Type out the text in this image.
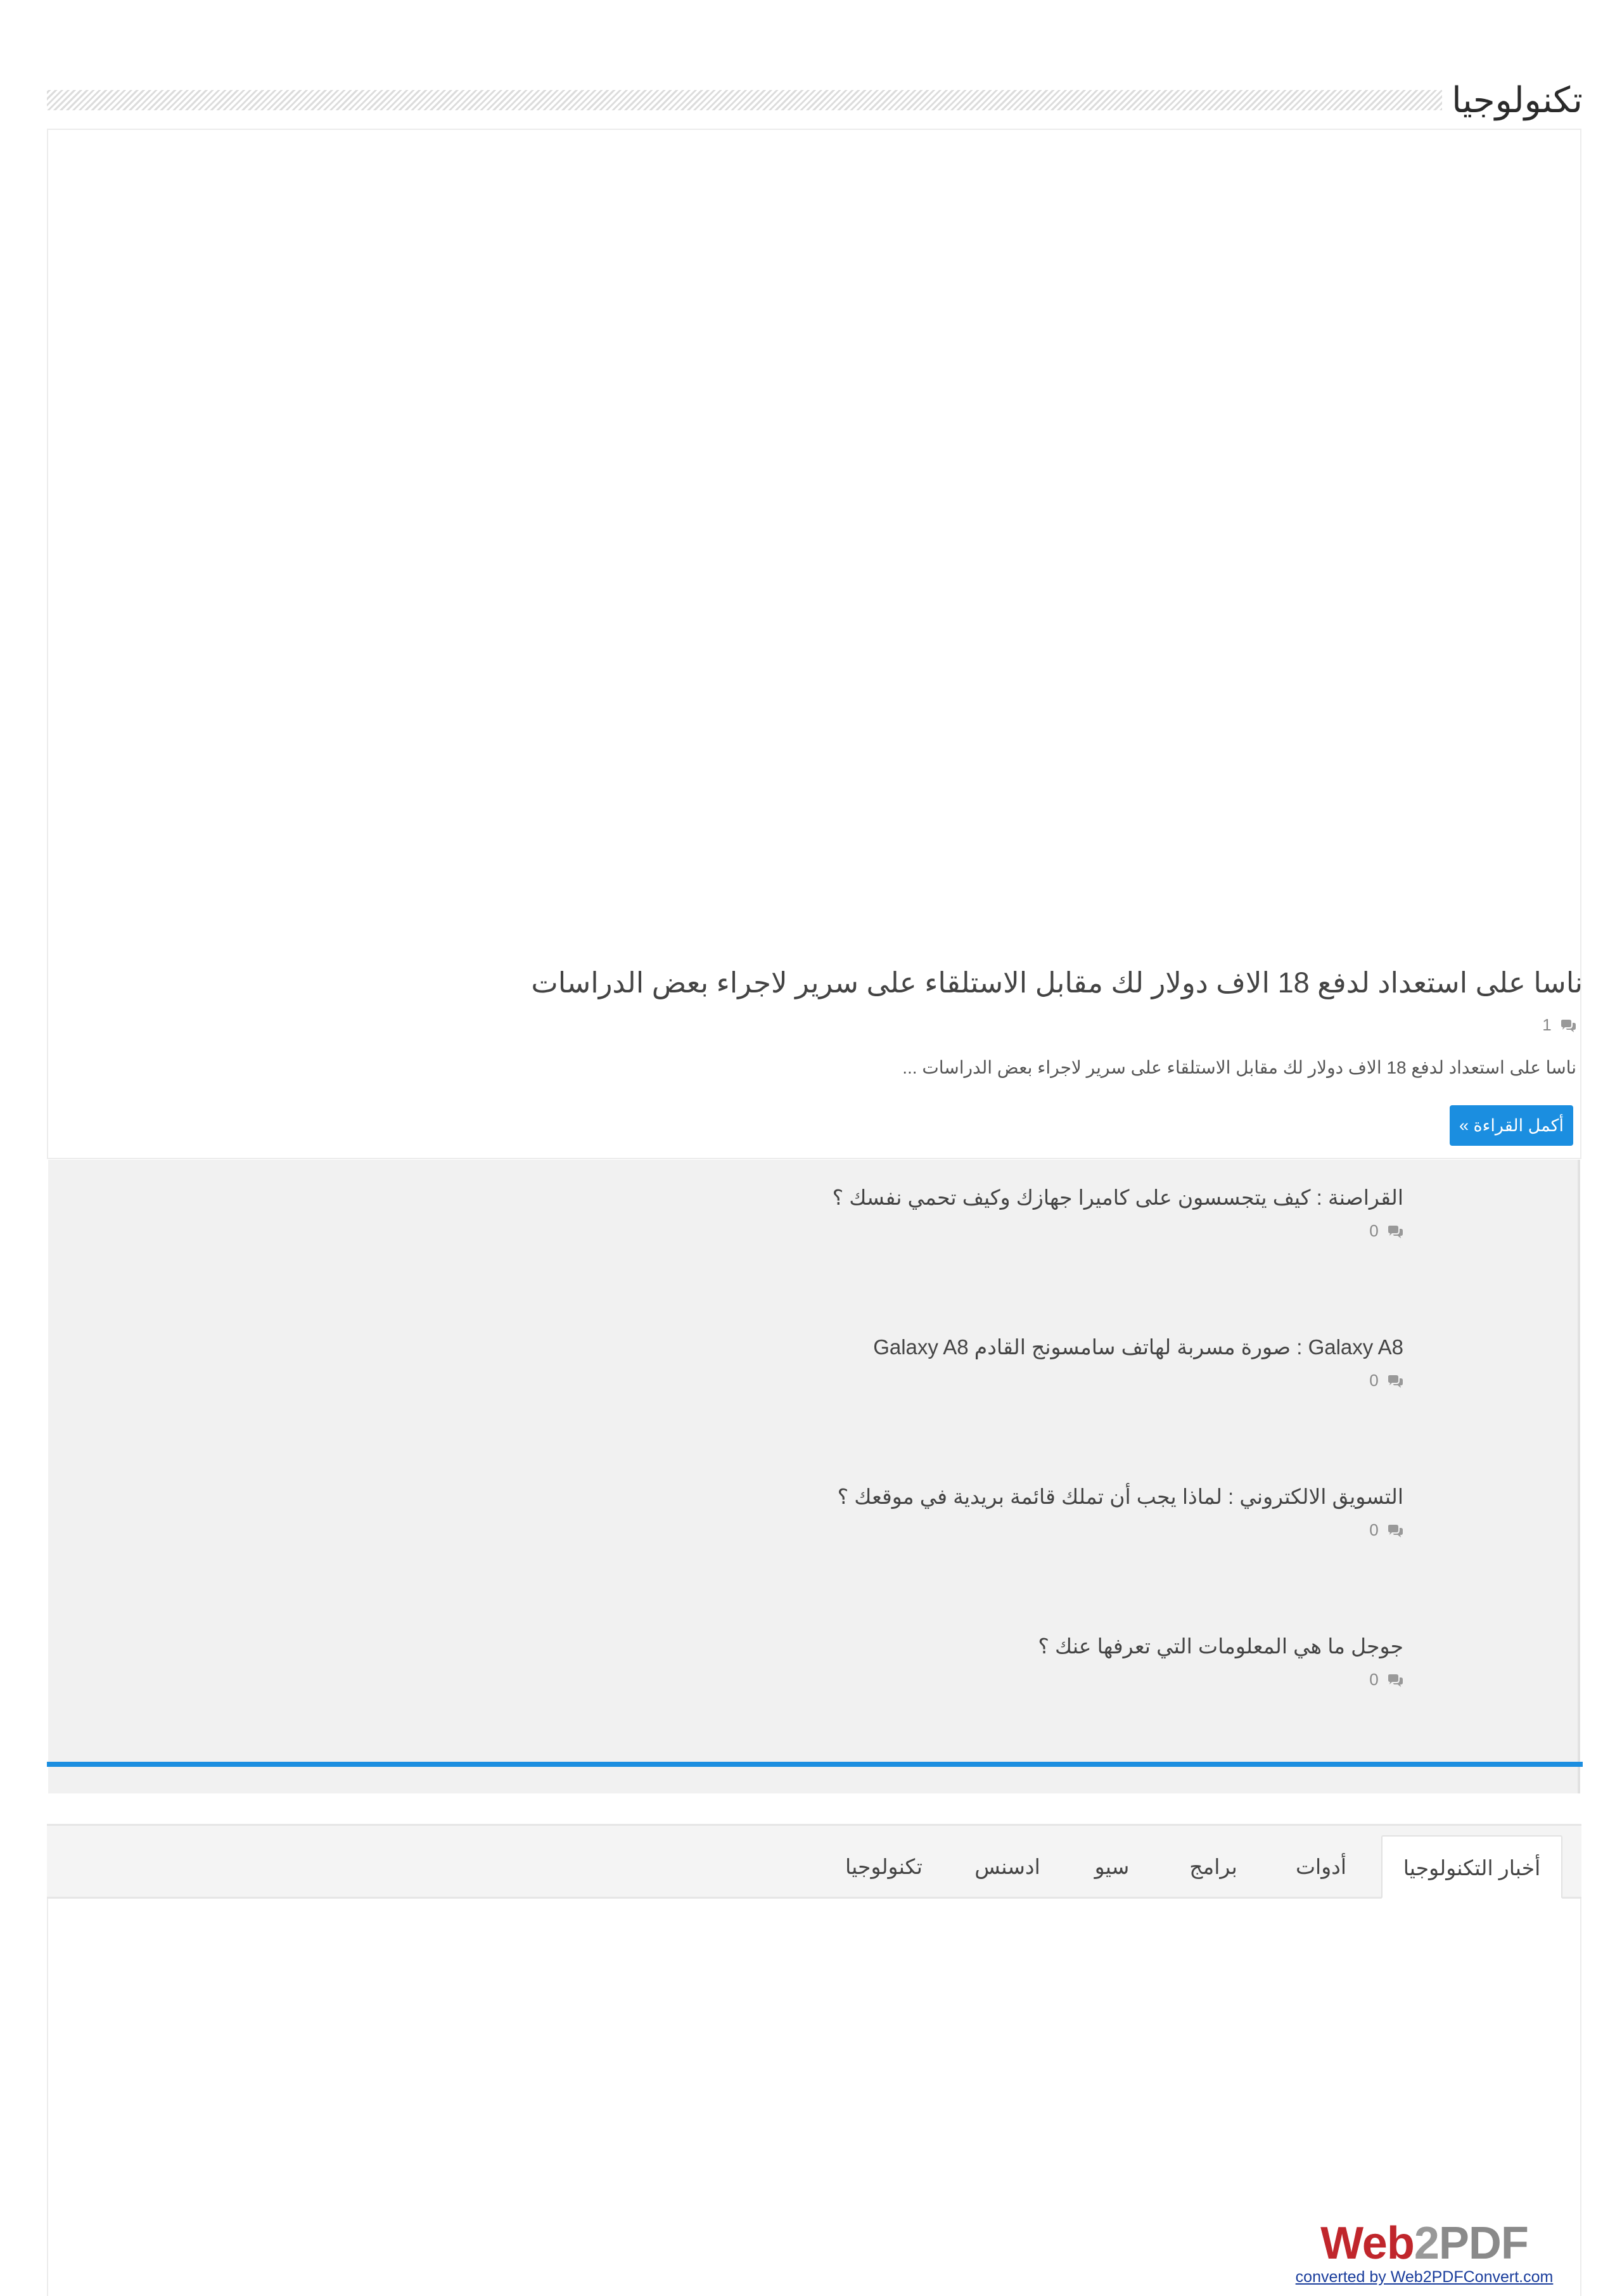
تكنولوجيا
ناسا على استعداد لدفع 18 الاف دولار لك مقابل الاستلقاء على سرير لاجراء بعض الدراسات
1
ناسا على استعداد لدفع 18 الاف دولار لك مقابل الاستلقاء على سرير لاجراء بعض الدراسات ...
أكمل القراءة »
القراصنة : كيف يتجسسون على كاميرا جهازك وكيف تحمي نفسك ؟
0
Galaxy A8 : صورة مسربة لهاتف سامسونج القادم Galaxy A8
0
التسويق الالكتروني : لماذا يجب أن تملك قائمة بريدية في موقعك ؟
0
جوجل ما هي المعلومات التي تعرفها عنك ؟
0
أخبار التكنولوجيا
أدوات
برامج
سيو
ادسنس
تكنولوجيا
Web2PDF
converted by Web2PDFConvert.com
